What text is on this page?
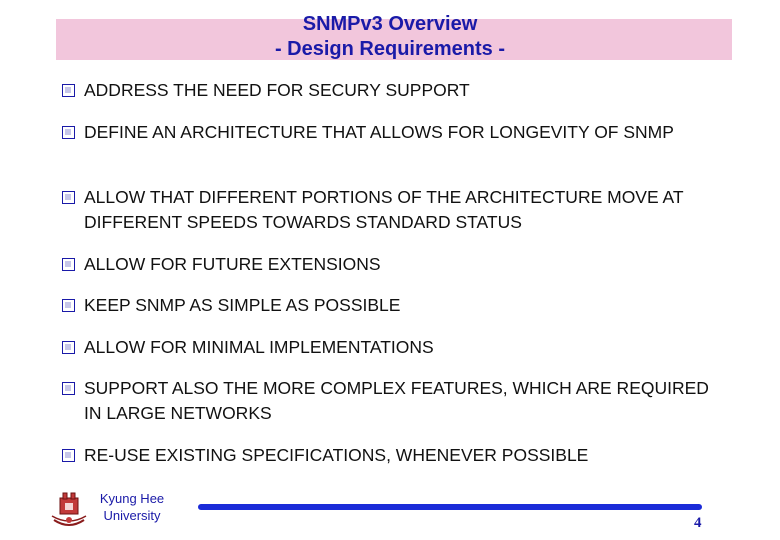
SNMPv3 Overview
- Design Requirements -
ADDRESS THE NEED FOR SECURY SUPPORT
DEFINE AN ARCHITECTURE THAT ALLOWS FOR LONGEVITY OF SNMP
ALLOW THAT DIFFERENT PORTIONS OF THE ARCHITECTURE MOVE AT DIFFERENT SPEEDS TOWARDS STANDARD STATUS
ALLOW FOR FUTURE EXTENSIONS
KEEP SNMP AS SIMPLE AS POSSIBLE
ALLOW FOR MINIMAL IMPLEMENTATIONS
SUPPORT ALSO THE MORE COMPLEX FEATURES, WHICH ARE REQUIRED IN LARGE NETWORKS
RE-USE EXISTING SPECIFICATIONS, WHENEVER POSSIBLE
Kyung Hee
University	4
